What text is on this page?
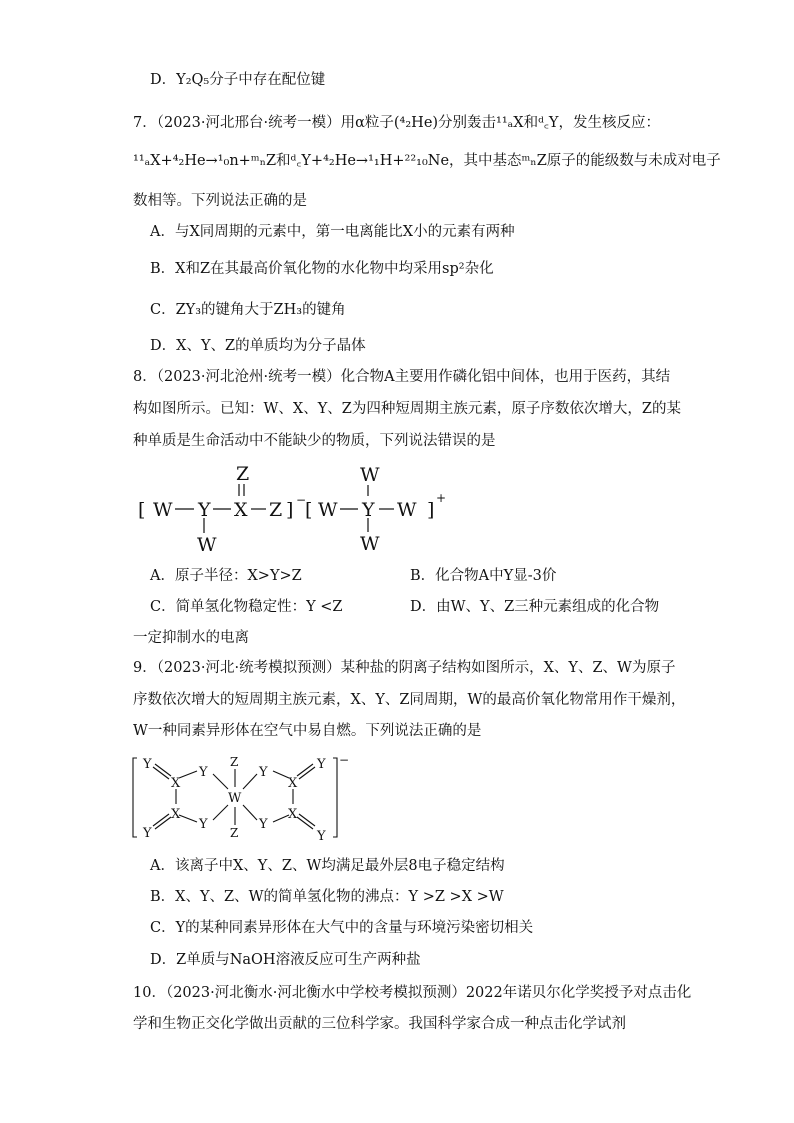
D．Y₂Q₅分子中存在配位键
7．（2023·河北邢台·统考一模）用α粒子(⁴₂He)分别轰击¹¹ₐX和ᵈ꜀Y，发生核反应：
¹¹ₐX+⁴₂He→¹₀n+ᵐₙZ和ᵈ꜀Y+⁴₂He→¹₁H+²²₁₀Ne，其中基态ᵐₙZ原子的能级数与未成对电子
数相等。下列说法正确的是
A．与X同周期的元素中，第一电离能比X小的元素有两种
B．X和Z在其最高价氧化物的水化物中均采用sp²杂化
C．ZY₃的键角大于ZH₃的键角
D．X、Y、Z的单质均为分子晶体
8．（2023·河北沧州·统考一模）化合物A主要用作磷化铝中间体，也用于医药，其结
构如图所示。已知：W、X、Y、Z为四种短周期主族元素，原子序数依次增大，Z的某
种单质是生命活动中不能缺少的物质，下列说法错误的是
[ W Y X Z
Z
W
] −
[ W Y
W
W
W ]
+
A．原子半径：X>Y>Z	B．化合物A中Y显-3价
C．简单氢化物稳定性：Y <Z	D．由W、Y、Z三种元素组成的化合物
一定抑制水的电离
9．（2023·河北·统考模拟预测）某种盐的阴离子结构如图所示，X、Y、Z、W为原子
序数依次增大的短周期主族元素，X、Y、Z同周期，W的最高价氧化物常用作干燥剂，
W一种同素异形体在空气中易自燃。下列说法正确的是
Y
X
Y
Z
W
Z
X
Y
Y
Y
X
Y
Y
X
Y
−
A．该离子中X、Y、Z、W均满足最外层8电子稳定结构
B．X、Y、Z、W的简单氢化物的沸点：Y >Z >X >W
C．Y的某种同素异形体在大气中的含量与环境污染密切相关
D．Z单质与NaOH溶液反应可生产两种盐
10．（2023·河北衡水·河北衡水中学校考模拟预测）2022年诺贝尔化学奖授予对点击化
学和生物正交化学做出贡献的三位科学家。我国科学家合成一种点击化学试剂
